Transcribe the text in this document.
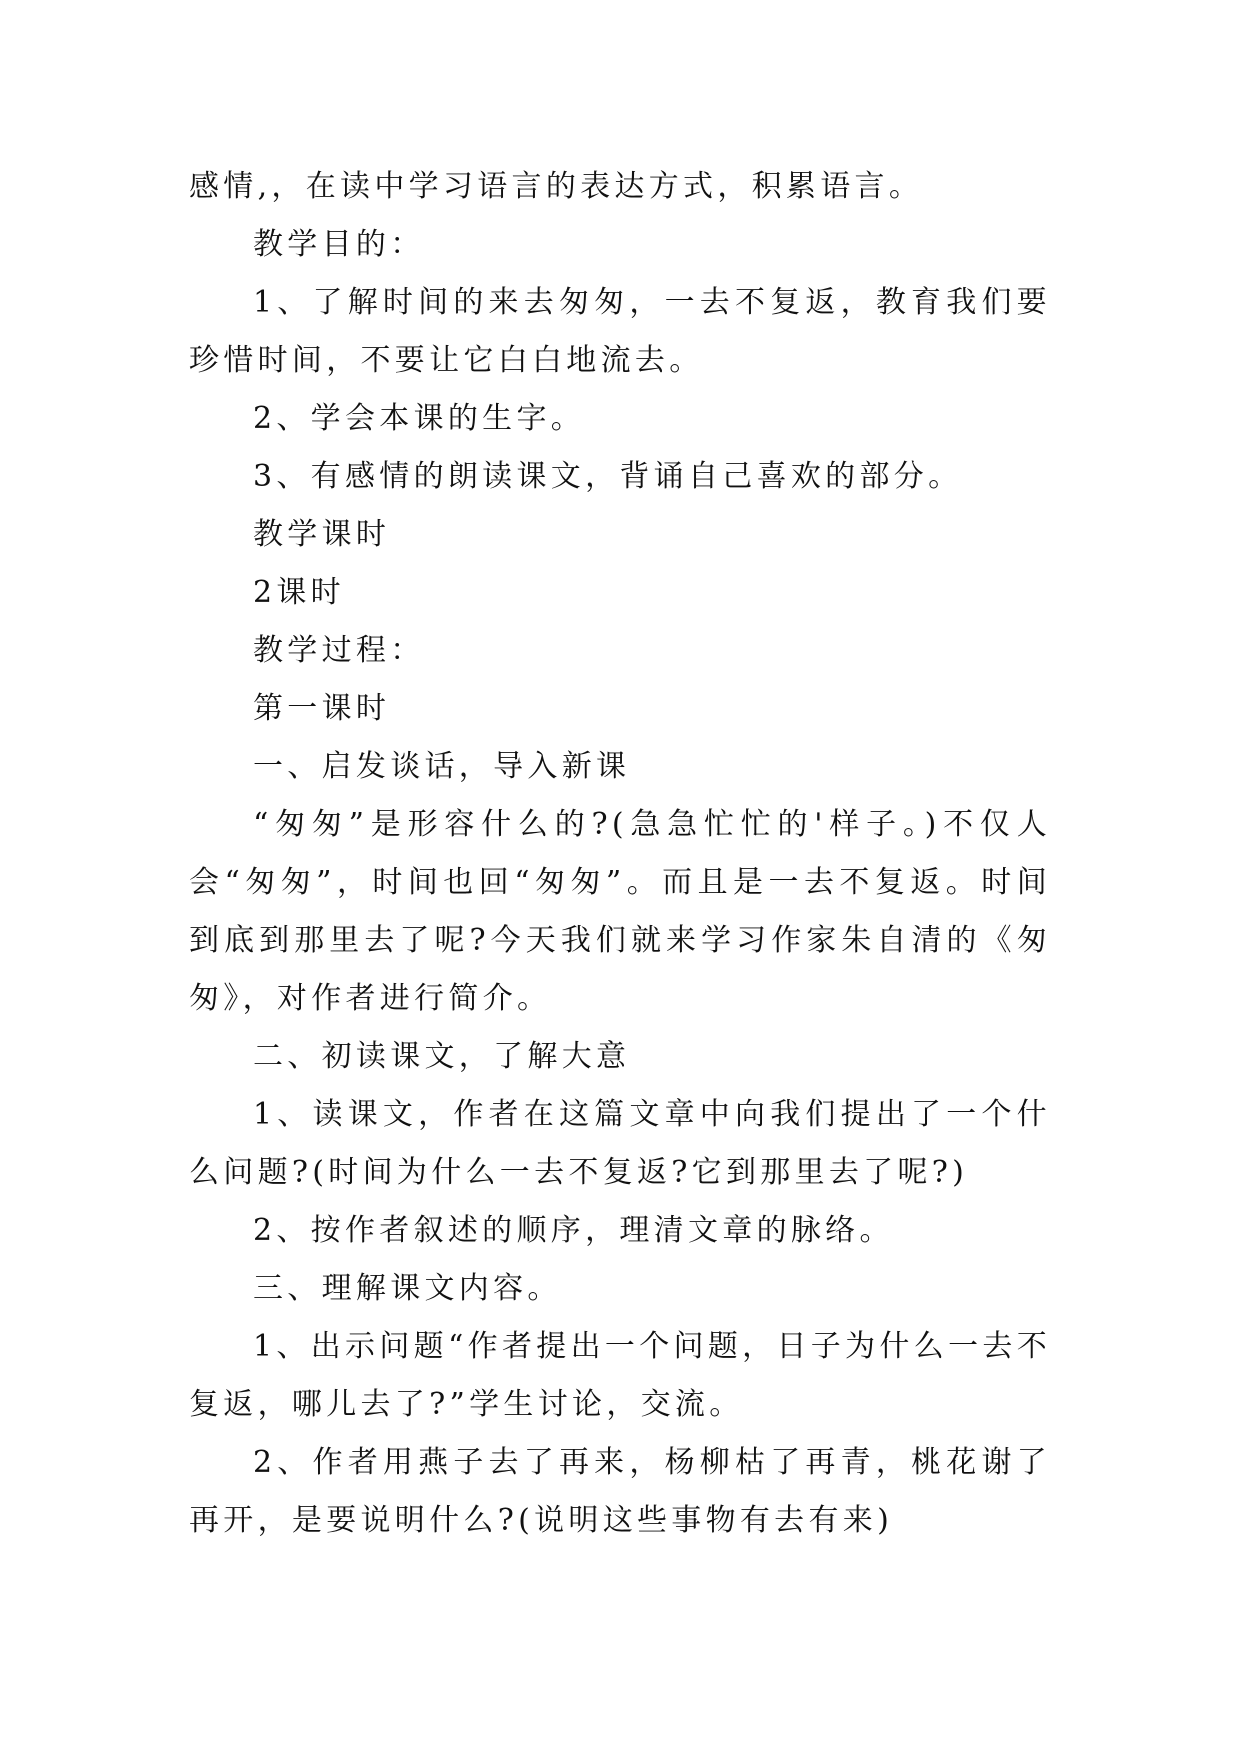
感情,，在读中学习语言的表达方式，积累语言。

教学目的：

1、了解时间的来去匆匆，一去不复返，教育我们要珍惜时间，不要让它白白地流去。

2、学会本课的生字。

3、有感情的朗读课文，背诵自己喜欢的部分。

教学课时

2课时

教学过程：

第一课时

一、启发谈话，导入新课

“匆匆”是形容什么的?(急急忙忙的'样子。)不仅人会“匆匆”，时间也回“匆匆”。而且是一去不复返。时间到底到那里去了呢?今天我们就来学习作家朱自清的《匆匆》，对作者进行简介。

二、初读课文，了解大意

1、读课文，作者在这篇文章中向我们提出了一个什么问题?(时间为什么一去不复返?它到那里去了呢?)

2、按作者叙述的顺序，理清文章的脉络。

三、理解课文内容。

1、出示问题“作者提出一个问题，日子为什么一去不复返，哪儿去了?”学生讨论，交流。

2、作者用燕子去了再来，杨柳枯了再青，桃花谢了再开，是要说明什么?(说明这些事物有去有来)
